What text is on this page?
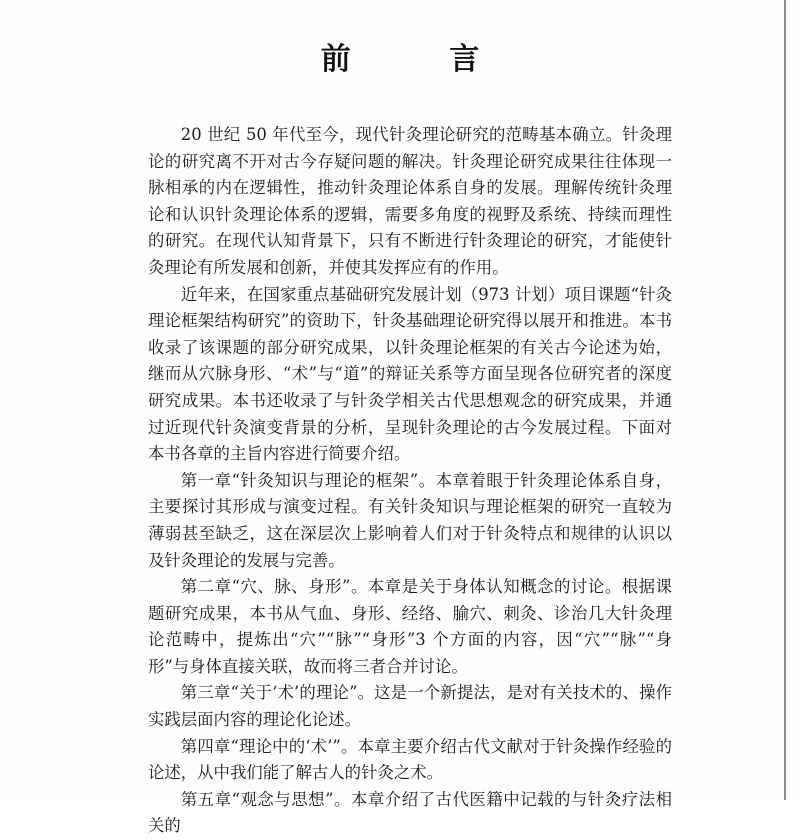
前 言

20 世纪 50 年代至今，现代针灸理论研究的范畴基本确立。针灸理论的研究离不开对古今存疑问题的解决。针灸理论研究成果往往体现一脉相承的内在逻辑性，推动针灸理论体系自身的发展。理解传统针灸理论和认识针灸理论体系的逻辑，需要多角度的视野及系统、持续而理性的研究。在现代认知背景下，只有不断进行针灸理论的研究，才能使针灸理论有所发展和创新，并使其发挥应有的作用。

近年来，在国家重点基础研究发展计划（973 计划）项目课题“针灸理论框架结构研究”的资助下，针灸基础理论研究得以展开和推进。本书收录了该课题的部分研究成果，以针灸理论框架的有关古今论述为始，继而从穴脉身形、“术”与“道”的辩证关系等方面呈现各位研究者的深度研究成果。本书还收录了与针灸学相关古代思想观念的研究成果，并通过近现代针灸演变背景的分析，呈现针灸理论的古今发展过程。下面对本书各章的主旨内容进行简要介绍。

第一章“针灸知识与理论的框架”。本章着眼于针灸理论体系自身，主要探讨其形成与演变过程。有关针灸知识与理论框架的研究一直较为薄弱甚至缺乏，这在深层次上影响着人们对于针灸特点和规律的认识以及针灸理论的发展与完善。

第二章“穴、脉、身形”。本章是关于身体认知概念的讨论。根据课题研究成果，本书从气血、身形、经络、腧穴、刺灸、诊治几大针灸理论范畴中，提炼出“穴”“脉”“身形”3 个方面的内容，因“穴”“脉”“身形”与身体直接关联，故而将三者合并讨论。

第三章“关于‘术’的理论”。这是一个新提法，是对有关技术的、操作实践层面内容的理论化论述。

第四章“理论中的‘术’”。本章主要介绍古代文献对于针灸操作经验的论述，从中我们能了解古人的针灸之术。

第五章“观念与思想”。本章介绍了古代医籍中记载的与针灸疗法相关的
